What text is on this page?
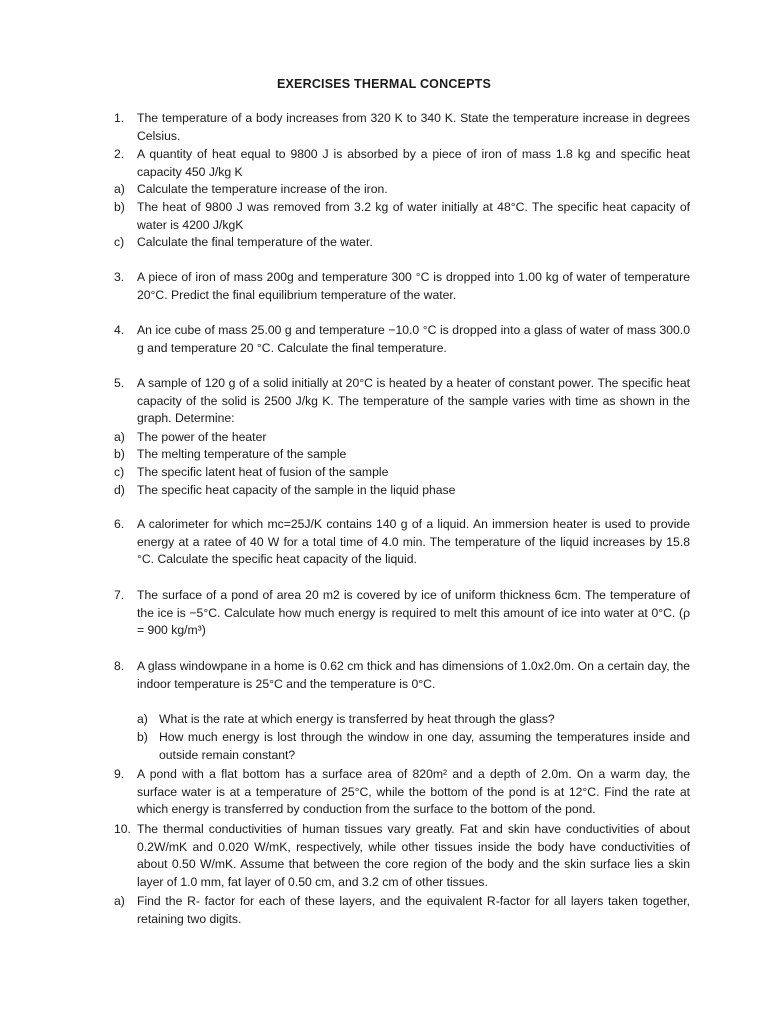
EXERCISES THERMAL CONCEPTS
1.	The temperature of a body increases from 320 K to 340 K. State the temperature increase in degrees Celsius.
2.	A quantity of heat equal to 9800 J is absorbed by a piece of iron of mass 1.8 kg and specific heat capacity 450 J/kg K
a) Calculate the temperature increase of the iron.
b) The heat of 9800 J was removed from 3.2 kg of water initially at 48°C. The specific heat capacity of water is 4200 J/kgK
c)	Calculate the final temperature of the water.
3.	A piece of iron of mass 200g and temperature 300 °C is dropped into 1.00 kg of water of temperature 20°C. Predict the final equilibrium temperature of the water.
4.	An ice cube of mass 25.00 g and temperature −10.0 °C is dropped into a glass of water of mass 300.0 g and temperature 20 °C. Calculate the final temperature.
5.	A sample of 120 g of a solid initially at 20°C is heated by a heater of constant power. The specific heat capacity of the solid is 2500 J/kg K. The temperature of the sample varies with time as shown in the graph. Determine:
a) The power of the heater
b) The melting temperature of the sample
c)	The specific latent heat of fusion of the sample
d) The specific heat capacity of the sample in the liquid phase
6.	A calorimeter for which mc=25J/K contains 140 g of a liquid. An immersion heater is used to provide energy at a ratee of 40 W for a total time of 4.0 min. The temperature of the liquid increases by 15.8 °C. Calculate the specific heat capacity of the liquid.
7.	The surface of a pond of area 20 m2 is covered by ice of uniform thickness 6cm. The temperature of the ice is −5°C. Calculate how much energy is required to melt this amount of ice into water at 0°C. (ρ = 900 kg/m³)
8.	A glass windowpane in a home is 0.62 cm thick and has dimensions of 1.0x2.0m. On a certain day, the indoor temperature is 25°C and the temperature is 0°C.
a) What is the rate at which energy is transferred by heat through the glass?
b) How much energy is lost through the window in one day, assuming the temperatures inside and outside remain constant?
9.	A pond with a flat bottom has a surface area of 820m² and a depth of 2.0m. On a warm day, the surface water is at a temperature of 25°C, while the bottom of the pond is at 12°C. Find the rate at which energy is transferred by conduction from the surface to the bottom of the pond.
10. The thermal conductivities of human tissues vary greatly. Fat and skin have conductivities of about 0.2W/mK and 0.020 W/mK, respectively, while other tissues inside the body have conductivities of about 0.50 W/mK. Assume that between the core region of the body and the skin surface lies a skin layer of 1.0 mm, fat layer of 0.50 cm, and 3.2 cm of other tissues.
a) Find the R- factor for each of these layers, and the equivalent R-factor for all layers taken together, retaining two digits.
